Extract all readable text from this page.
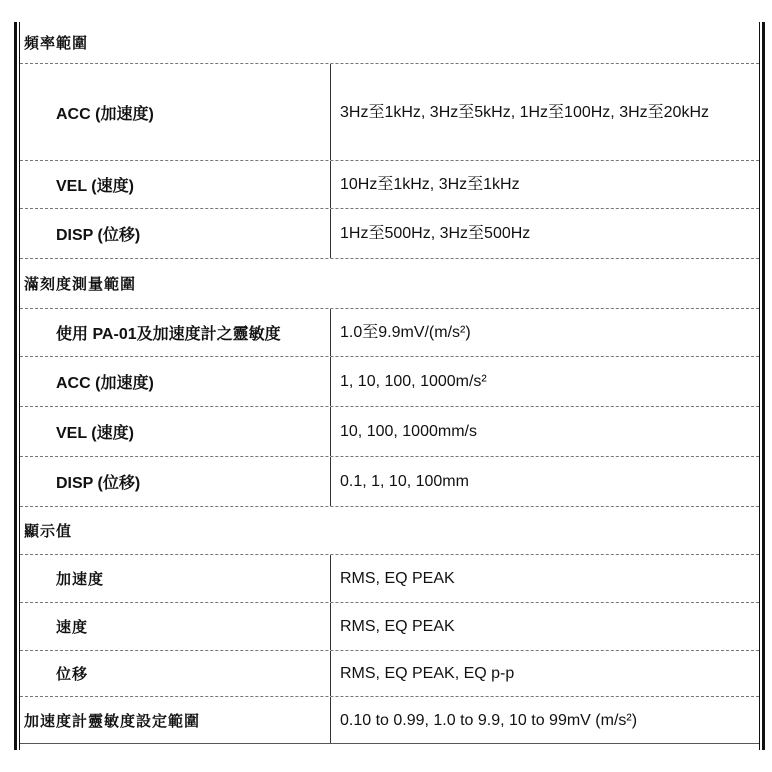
頻率範圍
ACC (加速度)	3Hz至1kHz, 3Hz至5kHz, 1Hz至100Hz, 3Hz至20kHz
VEL (速度)	10Hz至1kHz, 3Hz至1kHz
DISP (位移)	1Hz至500Hz, 3Hz至500Hz
滿刻度測量範圍
使用 PA-01及加速度計之靈敏度	1.0至9.9mV/(m/s²)
ACC (加速度)	1, 10, 100, 1000m/s²
VEL (速度)	10, 100, 1000mm/s
DISP (位移)	0.1, 1, 10, 100mm
顯示值
加速度	RMS, EQ PEAK
速度	RMS, EQ PEAK
位移	RMS, EQ PEAK, EQ p-p
加速度計靈敏度設定範圍	0.10 to 0.99, 1.0 to 9.9, 10 to 99mV (m/s²)
